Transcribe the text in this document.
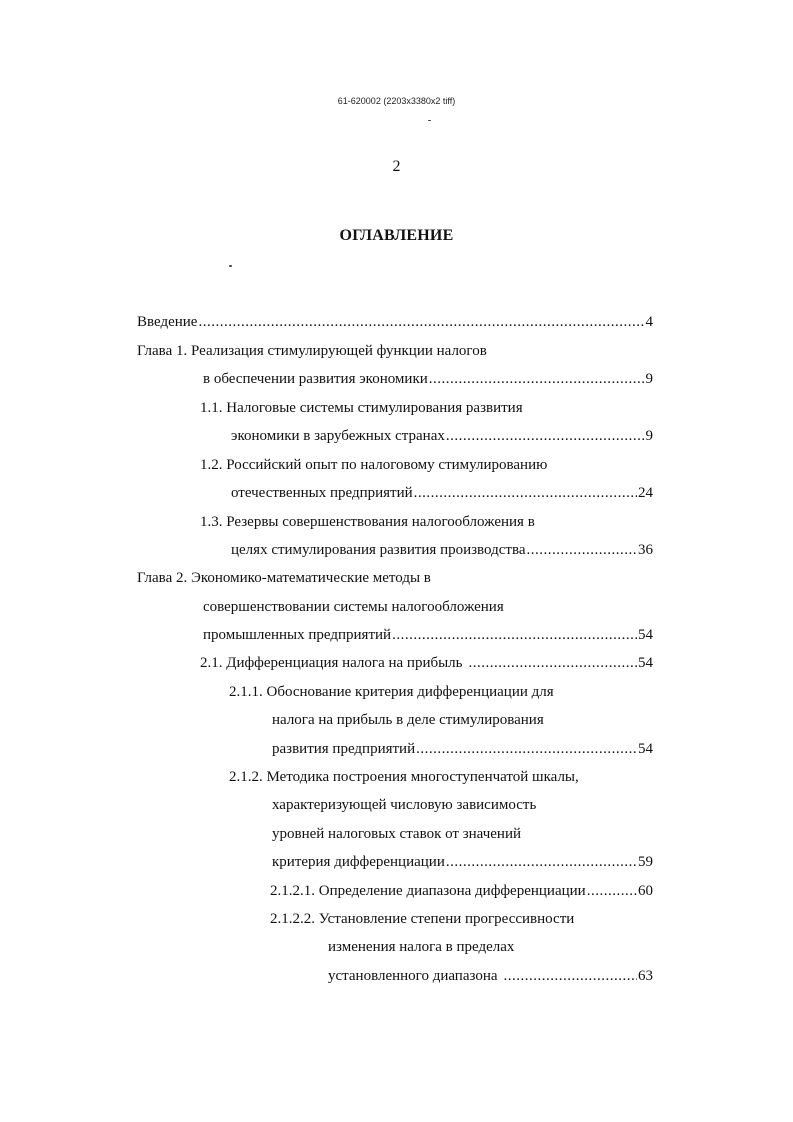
61-620002 (2203x3380x2 tiff)
2
ОГЛАВЛЕНИЕ
Введение .....	4
Глава 1. Реализация стимулирующей функции налогов
в обеспечении развития экономики .....	9
1.1. Налоговые системы стимулирования развития
экономики в зарубежных странах .....	9
1.2. Российский опыт по налоговому стимулированию
отечественных предприятий .....	24
1.3. Резервы совершенствования налогообложения в
целях стимулирования развития производства .....	36
Глава 2. Экономико-математические методы в
совершенствовании системы налогообложения
промышленных предприятий .....	54
2.1. Дифференциация налога на прибыль .....	54
2.1.1. Обоснование критерия дифференциации для
налога на прибыль в деле стимулирования
развития предприятий .....	54
2.1.2. Методика построения многоступенчатой шкалы,
характеризующей числовую зависимость
уровней налоговых ставок от значений
критерия дифференциации .....	59
2.1.2.1. Определение диапазона дифференциации .....	60
2.1.2.2. Установление степени прогрессивности
изменения налога в пределах
установленного диапазона .....	63
